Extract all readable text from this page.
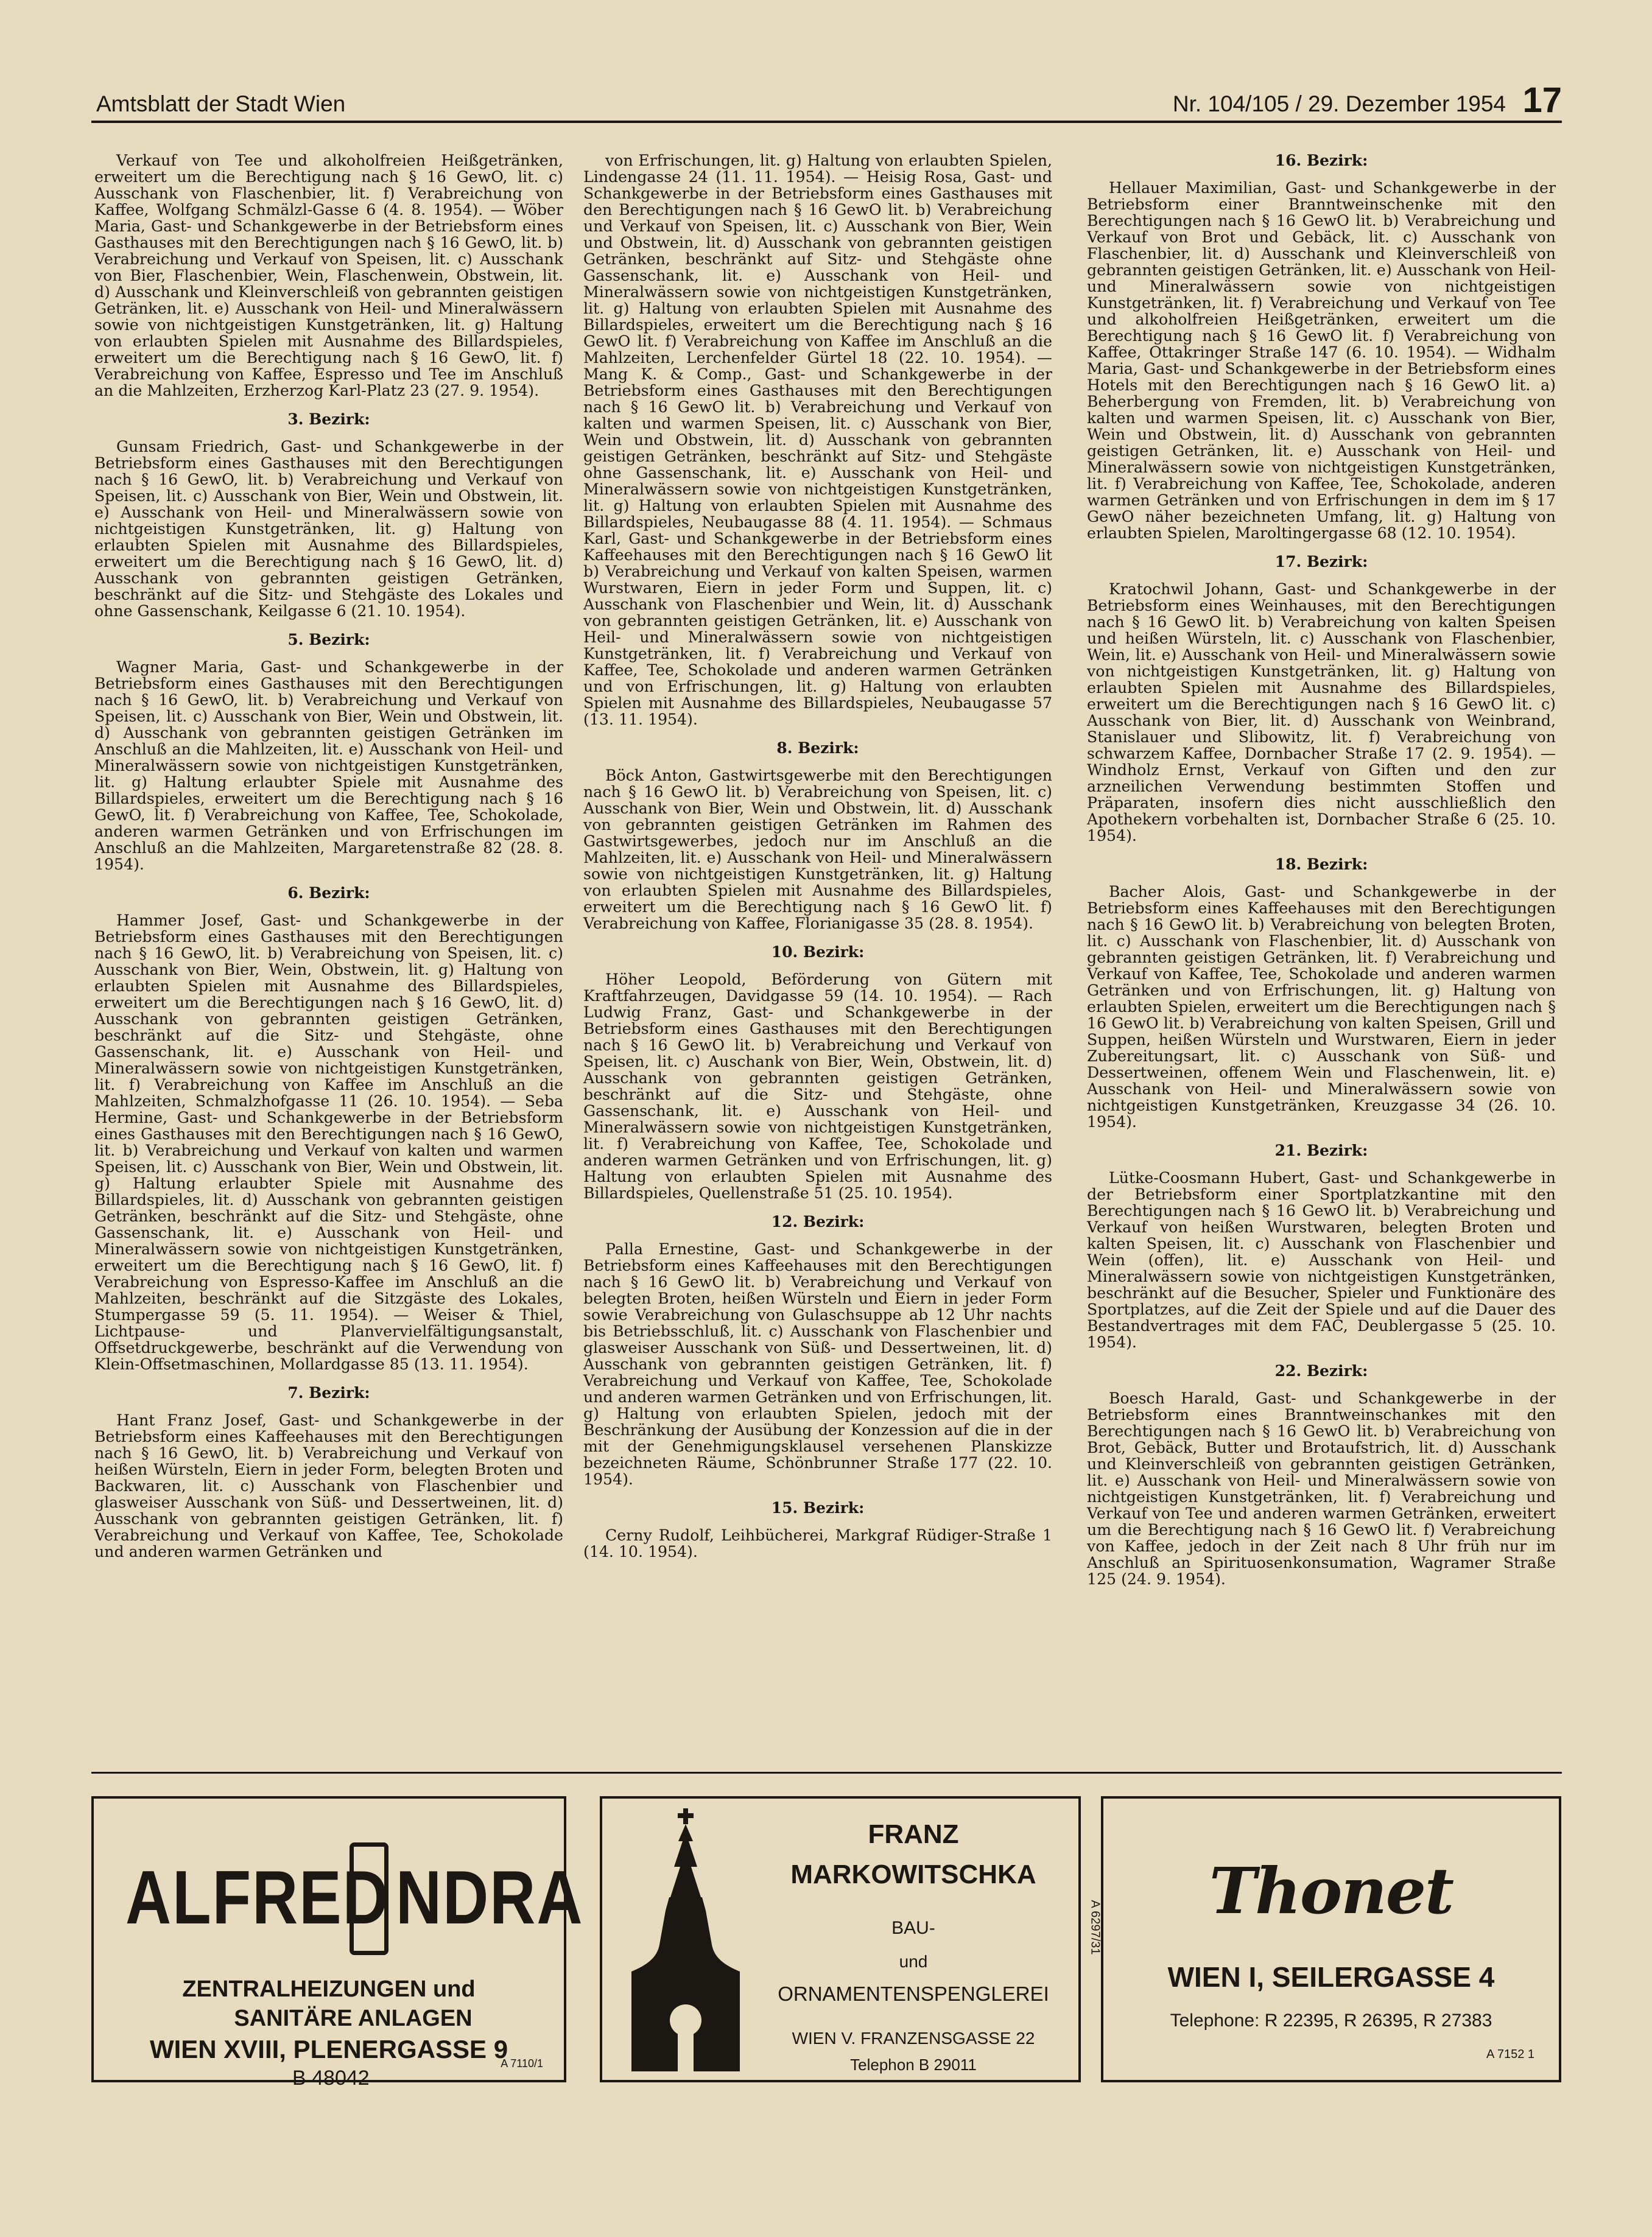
Amtsblatt der Stadt Wien	Nr. 104/105 / 29. Dezember 1954 17

Verkauf von Tee und alkoholfreien Heißgetränken, erweitert um die Berechtigung nach § 16 GewO, lit. c) Ausschank von Flaschenbier, lit. f) Verabreichung von Kaffee, Wolfgang Schmälzl-Gasse 6 (4. 8. 1954). — Wöber Maria, Gast- und Schankgewerbe in der Betriebsform eines Gasthauses mit den Berechtigungen nach § 16 GewO, lit. b) Verabreichung und Verkauf von Speisen, lit. c) Ausschank von Bier, Flaschenbier, Wein, Flaschenwein, Obstwein, lit. d) Ausschank und Kleinverschleiß von gebrannten geistigen Getränken, lit. e) Ausschank von Heil- und Mineralwässern sowie von nichtgeistigen Kunstgetränken, lit. g) Haltung von erlaubten Spielen mit Ausnahme des Billardspieles, erweitert um die Berechtigung nach § 16 GewO, lit. f) Verabreichung von Kaffee, Espresso und Tee im Anschluß an die Mahlzeiten, Erzherzog Karl-Platz 23 (27. 9. 1954).

3. Bezirk:

Gunsam Friedrich, Gast- und Schankgewerbe in der Betriebsform eines Gasthauses mit den Berechtigungen nach § 16 GewO, lit. b) Verabreichung und Verkauf von Speisen, lit. c) Ausschank von Bier, Wein und Obstwein, lit. e) Ausschank von Heil- und Mineralwässern sowie von nichtgeistigen Kunstgetränken, lit. g) Haltung von erlaubten Spielen mit Ausnahme des Billardspieles, erweitert um die Berechtigung nach § 16 GewO, lit. d) Ausschank von gebrannten geistigen Getränken, beschränkt auf die Sitz- und Stehgäste des Lokales und ohne Gassenschank, Keilgasse 6 (21. 10. 1954).

5. Bezirk:

Wagner Maria, Gast- und Schankgewerbe in der Betriebsform eines Gasthauses mit den Berechtigungen nach § 16 GewO, lit. b) Verabreichung und Verkauf von Speisen, lit. c) Ausschank von Bier, Wein und Obstwein, lit. d) Ausschank von gebrannten geistigen Getränken im Anschluß an die Mahlzeiten, lit. e) Ausschank von Heil- und Mineralwässern sowie von nichtgeistigen Kunstgetränken, lit. g) Haltung erlaubter Spiele mit Ausnahme des Billardspieles, erweitert um die Berechtigung nach § 16 GewO, lit. f) Verabreichung von Kaffee, Tee, Schokolade, anderen warmen Getränken und von Erfrischungen im Anschluß an die Mahlzeiten, Margaretenstraße 82 (28. 8. 1954).

6. Bezirk:

Hammer Josef, Gast- und Schankgewerbe in der Betriebsform eines Gasthauses mit den Berechtigungen nach § 16 GewO, lit. b) Verabreichung von Speisen, lit. c) Ausschank von Bier, Wein, Obstwein, lit. g) Haltung von erlaubten Spielen mit Ausnahme des Billardspieles, erweitert um die Berechtigungen nach § 16 GewO, lit. d) Ausschank von gebrannten geistigen Getränken, beschränkt auf die Sitz- und Stehgäste, ohne Gassenschank, lit. e) Ausschank von Heil- und Mineralwässern sowie von nichtgeistigen Kunstgetränken, lit. f) Verabreichung von Kaffee im Anschluß an die Mahlzeiten, Schmalzhofgasse 11 (26. 10. 1954). — Seba Hermine, Gast- und Schankgewerbe in der Betriebsform eines Gasthauses mit den Berechtigungen nach § 16 GewO, lit. b) Verabreichung und Verkauf von kalten und warmen Speisen, lit. c) Ausschank von Bier, Wein und Obstwein, lit. g) Haltung erlaubter Spiele mit Ausnahme des Billardspieles, lit. d) Ausschank von gebrannten geistigen Getränken, beschränkt auf die Sitz- und Stehgäste, ohne Gassenschank, lit. e) Ausschank von Heil- und Mineralwässern sowie von nichtgeistigen Kunstgetränken, erweitert um die Berechtigung nach § 16 GewO, lit. f) Verabreichung von Espresso-Kaffee im Anschluß an die Mahlzeiten, beschränkt auf die Sitzgäste des Lokales, Stumpergasse 59 (5. 11. 1954). — Weiser & Thiel, Lichtpause- und Planvervielfältigungsanstalt, Offsetdruckgewerbe, beschränkt auf die Verwendung von Klein-Offsetmaschinen, Mollardgasse 85 (13. 11. 1954).

7. Bezirk:

Hant Franz Josef, Gast- und Schankgewerbe in der Betriebsform eines Kaffeehauses mit den Berechtigungen nach § 16 GewO, lit. b) Verabreichung und Verkauf von heißen Würsteln, Eiern in jeder Form, belegten Broten und Backwaren, lit. c) Ausschank von Flaschenbier und glasweiser Ausschank von Süß- und Dessertweinen, lit. d) Ausschank von gebrannten geistigen Getränken, lit. f) Verabreichung und Verkauf von Kaffee, Tee, Schokolade und anderen warmen Getränken und

von Erfrischungen, lit. g) Haltung von erlaubten Spielen, Lindengasse 24 (11. 11. 1954). — Heisig Rosa, Gast- und Schankgewerbe in der Betriebsform eines Gasthauses mit den Berechtigungen nach § 16 GewO lit. b) Verabreichung und Verkauf von Speisen, lit. c) Ausschank von Bier, Wein und Obstwein, lit. d) Ausschank von gebrannten geistigen Getränken, beschränkt auf Sitz- und Stehgäste ohne Gassenschank, lit. e) Ausschank von Heil- und Mineralwässern sowie von nichtgeistigen Kunstgetränken, lit. g) Haltung von erlaubten Spielen mit Ausnahme des Billardspieles, erweitert um die Berechtigung nach § 16 GewO lit. f) Verabreichung von Kaffee im Anschluß an die Mahlzeiten, Lerchenfelder Gürtel 18 (22. 10. 1954). — Mang K. & Comp., Gast- und Schankgewerbe in der Betriebsform eines Gasthauses mit den Berechtigungen nach § 16 GewO lit. b) Verabreichung und Verkauf von kalten und warmen Speisen, lit. c) Ausschank von Bier, Wein und Obstwein, lit. d) Ausschank von gebrannten geistigen Getränken, beschränkt auf Sitz- und Stehgäste ohne Gassenschank, lit. e) Ausschank von Heil- und Mineralwässern sowie von nichtgeistigen Kunstgetränken, lit. g) Haltung von erlaubten Spielen mit Ausnahme des Billardspieles, Neubaugasse 88 (4. 11. 1954). — Schmaus Karl, Gast- und Schankgewerbe in der Betriebsform eines Kaffeehauses mit den Berechtigungen nach § 16 GewO lit b) Verabreichung und Verkauf von kalten Speisen, warmen Wurstwaren, Eiern in jeder Form und Suppen, lit. c) Ausschank von Flaschenbier und Wein, lit. d) Ausschank von gebrannten geistigen Getränken, lit. e) Ausschank von Heil- und Mineralwässern sowie von nichtgeistigen Kunstgetränken, lit. f) Verabreichung und Verkauf von Kaffee, Tee, Schokolade und anderen warmen Getränken und von Erfrischungen, lit. g) Haltung von erlaubten Spielen mit Ausnahme des Billardspieles, Neubaugasse 57 (13. 11. 1954).

8. Bezirk:

Böck Anton, Gastwirtsgewerbe mit den Berechtigungen nach § 16 GewO lit. b) Verabreichung von Speisen, lit. c) Ausschank von Bier, Wein und Obstwein, lit. d) Ausschank von gebrannten geistigen Getränken im Rahmen des Gastwirtsgewerbes, jedoch nur im Anschluß an die Mahlzeiten, lit. e) Ausschank von Heil- und Mineralwässern sowie von nichtgeistigen Kunstgetränken, lit. g) Haltung von erlaubten Spielen mit Ausnahme des Billardspieles, erweitert um die Berechtigung nach § 16 GewO lit. f) Verabreichung von Kaffee, Florianigasse 35 (28. 8. 1954).

10. Bezirk:

Höher Leopold, Beförderung von Gütern mit Kraftfahrzeugen, Davidgasse 59 (14. 10. 1954). — Rach Ludwig Franz, Gast- und Schankgewerbe in der Betriebsform eines Gasthauses mit den Berechtigungen nach § 16 GewO lit. b) Verabreichung und Verkauf von Speisen, lit. c) Auschank von Bier, Wein, Obstwein, lit. d) Ausschank von gebrannten geistigen Getränken, beschränkt auf die Sitz- und Stehgäste, ohne Gassenschank, lit. e) Ausschank von Heil- und Mineralwässern sowie von nichtgeistigen Kunstgetränken, lit. f) Verabreichung von Kaffee, Tee, Schokolade und anderen warmen Getränken und von Erfrischungen, lit. g) Haltung von erlaubten Spielen mit Ausnahme des Billardspieles, Quellenstraße 51 (25. 10. 1954).

12. Bezirk:

Palla Ernestine, Gast- und Schankgewerbe in der Betriebsform eines Kaffeehauses mit den Berechtigungen nach § 16 GewO lit. b) Verabreichung und Verkauf von belegten Broten, heißen Würsteln und Eiern in jeder Form sowie Verabreichung von Gulaschsuppe ab 12 Uhr nachts bis Betriebsschluß, lit. c) Ausschank von Flaschenbier und glasweiser Ausschank von Süß- und Dessertweinen, lit. d) Ausschank von gebrannten geistigen Getränken, lit. f) Verabreichung und Verkauf von Kaffee, Tee, Schokolade und anderen warmen Getränken und von Erfrischungen, lit. g) Haltung von erlaubten Spielen, jedoch mit der Beschränkung der Ausübung der Konzession auf die in der mit der Genehmigungsklausel versehenen Planskizze bezeichneten Räume, Schönbrunner Straße 177 (22. 10. 1954).

15. Bezirk:

Cerny Rudolf, Leihbücherei, Markgraf Rüdiger-Straße 1 (14. 10. 1954).

16. Bezirk:

Hellauer Maximilian, Gast- und Schankgewerbe in der Betriebsform einer Branntweinschenke mit den Berechtigungen nach § 16 GewO lit. b) Verabreichung und Verkauf von Brot und Gebäck, lit. c) Ausschank von Flaschenbier, lit. d) Ausschank und Kleinverschleiß von gebrannten geistigen Getränken, lit. e) Ausschank von Heil- und Mineralwässern sowie von nichtgeistigen Kunstgetränken, lit. f) Verabreichung und Verkauf von Tee und alkoholfreien Heißgetränken, erweitert um die Berechtigung nach § 16 GewO lit. f) Verabreichung von Kaffee, Ottakringer Straße 147 (6. 10. 1954). — Widhalm Maria, Gast- und Schankgewerbe in der Betriebsform eines Hotels mit den Berechtigungen nach § 16 GewO lit. a) Beherbergung von Fremden, lit. b) Verabreichung von kalten und warmen Speisen, lit. c) Ausschank von Bier, Wein und Obstwein, lit. d) Ausschank von gebrannten geistigen Getränken, lit. e) Ausschank von Heil- und Mineralwässern sowie von nichtgeistigen Kunstgetränken, lit. f) Verabreichung von Kaffee, Tee, Schokolade, anderen warmen Getränken und von Erfrischungen in dem im § 17 GewO näher bezeichneten Umfang, lit. g) Haltung von erlaubten Spielen, Maroltingergasse 68 (12. 10. 1954).

17. Bezirk:

Kratochwil Johann, Gast- und Schankgewerbe in der Betriebsform eines Weinhauses, mit den Berechtigungen nach § 16 GewO lit. b) Verabreichung von kalten Speisen und heißen Würsteln, lit. c) Ausschank von Flaschenbier, Wein, lit. e) Ausschank von Heil- und Mineralwässern sowie von nichtgeistigen Kunstgetränken, lit. g) Haltung von erlaubten Spielen mit Ausnahme des Billardspieles, erweitert um die Berechtigungen nach § 16 GewO lit. c) Ausschank von Bier, lit. d) Ausschank von Weinbrand, Stanislauer und Slibowitz, lit. f) Verabreichung von schwarzem Kaffee, Dornbacher Straße 17 (2. 9. 1954). — Windholz Ernst, Verkauf von Giften und den zur arzneilichen Verwendung bestimmten Stoffen und Präparaten, insofern dies nicht ausschließlich den Apothekern vorbehalten ist, Dornbacher Straße 6 (25. 10. 1954).

18. Bezirk:

Bacher Alois, Gast- und Schankgewerbe in der Betriebsform eines Kaffeehauses mit den Berechtigungen nach § 16 GewO lit. b) Verabreichung von belegten Broten, lit. c) Ausschank von Flaschenbier, lit. d) Ausschank von gebrannten geistigen Getränken, lit. f) Verabreichung und Verkauf von Kaffee, Tee, Schokolade und anderen warmen Getränken und von Erfrischungen, lit. g) Haltung von erlaubten Spielen, erweitert um die Berechtigungen nach § 16 GewO lit. b) Verabreichung von kalten Speisen, Grill und Suppen, heißen Würsteln und Wurstwaren, Eiern in jeder Zubereitungsart, lit. c) Ausschank von Süß- und Dessertweinen, offenem Wein und Flaschenwein, lit. e) Ausschank von Heil- und Mineralwässern sowie von nichtgeistigen Kunstgetränken, Kreuzgasse 34 (26. 10. 1954).

21. Bezirk:

Lütke-Coosmann Hubert, Gast- und Schankgewerbe in der Betriebsform einer Sportplatzkantine mit den Berechtigungen nach § 16 GewO lit. b) Verabreichung und Verkauf von heißen Wurstwaren, belegten Broten und kalten Speisen, lit. c) Ausschank von Flaschenbier und Wein (offen), lit. e) Ausschank von Heil- und Mineralwässern sowie von nichtgeistigen Kunstgetränken, beschränkt auf die Besucher, Spieler und Funktionäre des Sportplatzes, auf die Zeit der Spiele und auf die Dauer des Bestandvertrages mit dem FAC, Deublergasse 5 (25. 10. 1954).

22. Bezirk:

Boesch Harald, Gast- und Schankgewerbe in der Betriebsform eines Branntweinschankes mit den Berechtigungen nach § 16 GewO lit. b) Verabreichung von Brot, Gebäck, Butter und Brotaufstrich, lit. d) Ausschank und Kleinverschleiß von gebrannten geistigen Getränken, lit. e) Ausschank von Heil- und Mineralwässern sowie von nichtgeistigen Kunstgetränken, lit. f) Verabreichung und Verkauf von Tee und anderen warmen Getränken, erweitert um die Berechtigung nach § 16 GewO lit. f) Verabreichung von Kaffee, jedoch in der Zeit nach 8 Uhr früh nur im Anschluß an Spirituosenkonsumation, Wagramer Straße 125 (24. 9. 1954).

ALFRED NDRA
ZENTRALHEIZUNGEN und
SANITÄRE ANLAGEN
WIEN XVIII, PLENERGASSE 9
B 48042
A 7110/1
FRANZ
MARKOWITSCHKA
BAU-
und
ORNAMENTENSPENGLEREI
WIEN V. FRANZENSGASSE 22
Telephon B 29011
A 6297/31	Thonet
WIEN I, SEILERGASSE 4
Telephone: R 22395, R 26395, R 27383
A 7152 1
